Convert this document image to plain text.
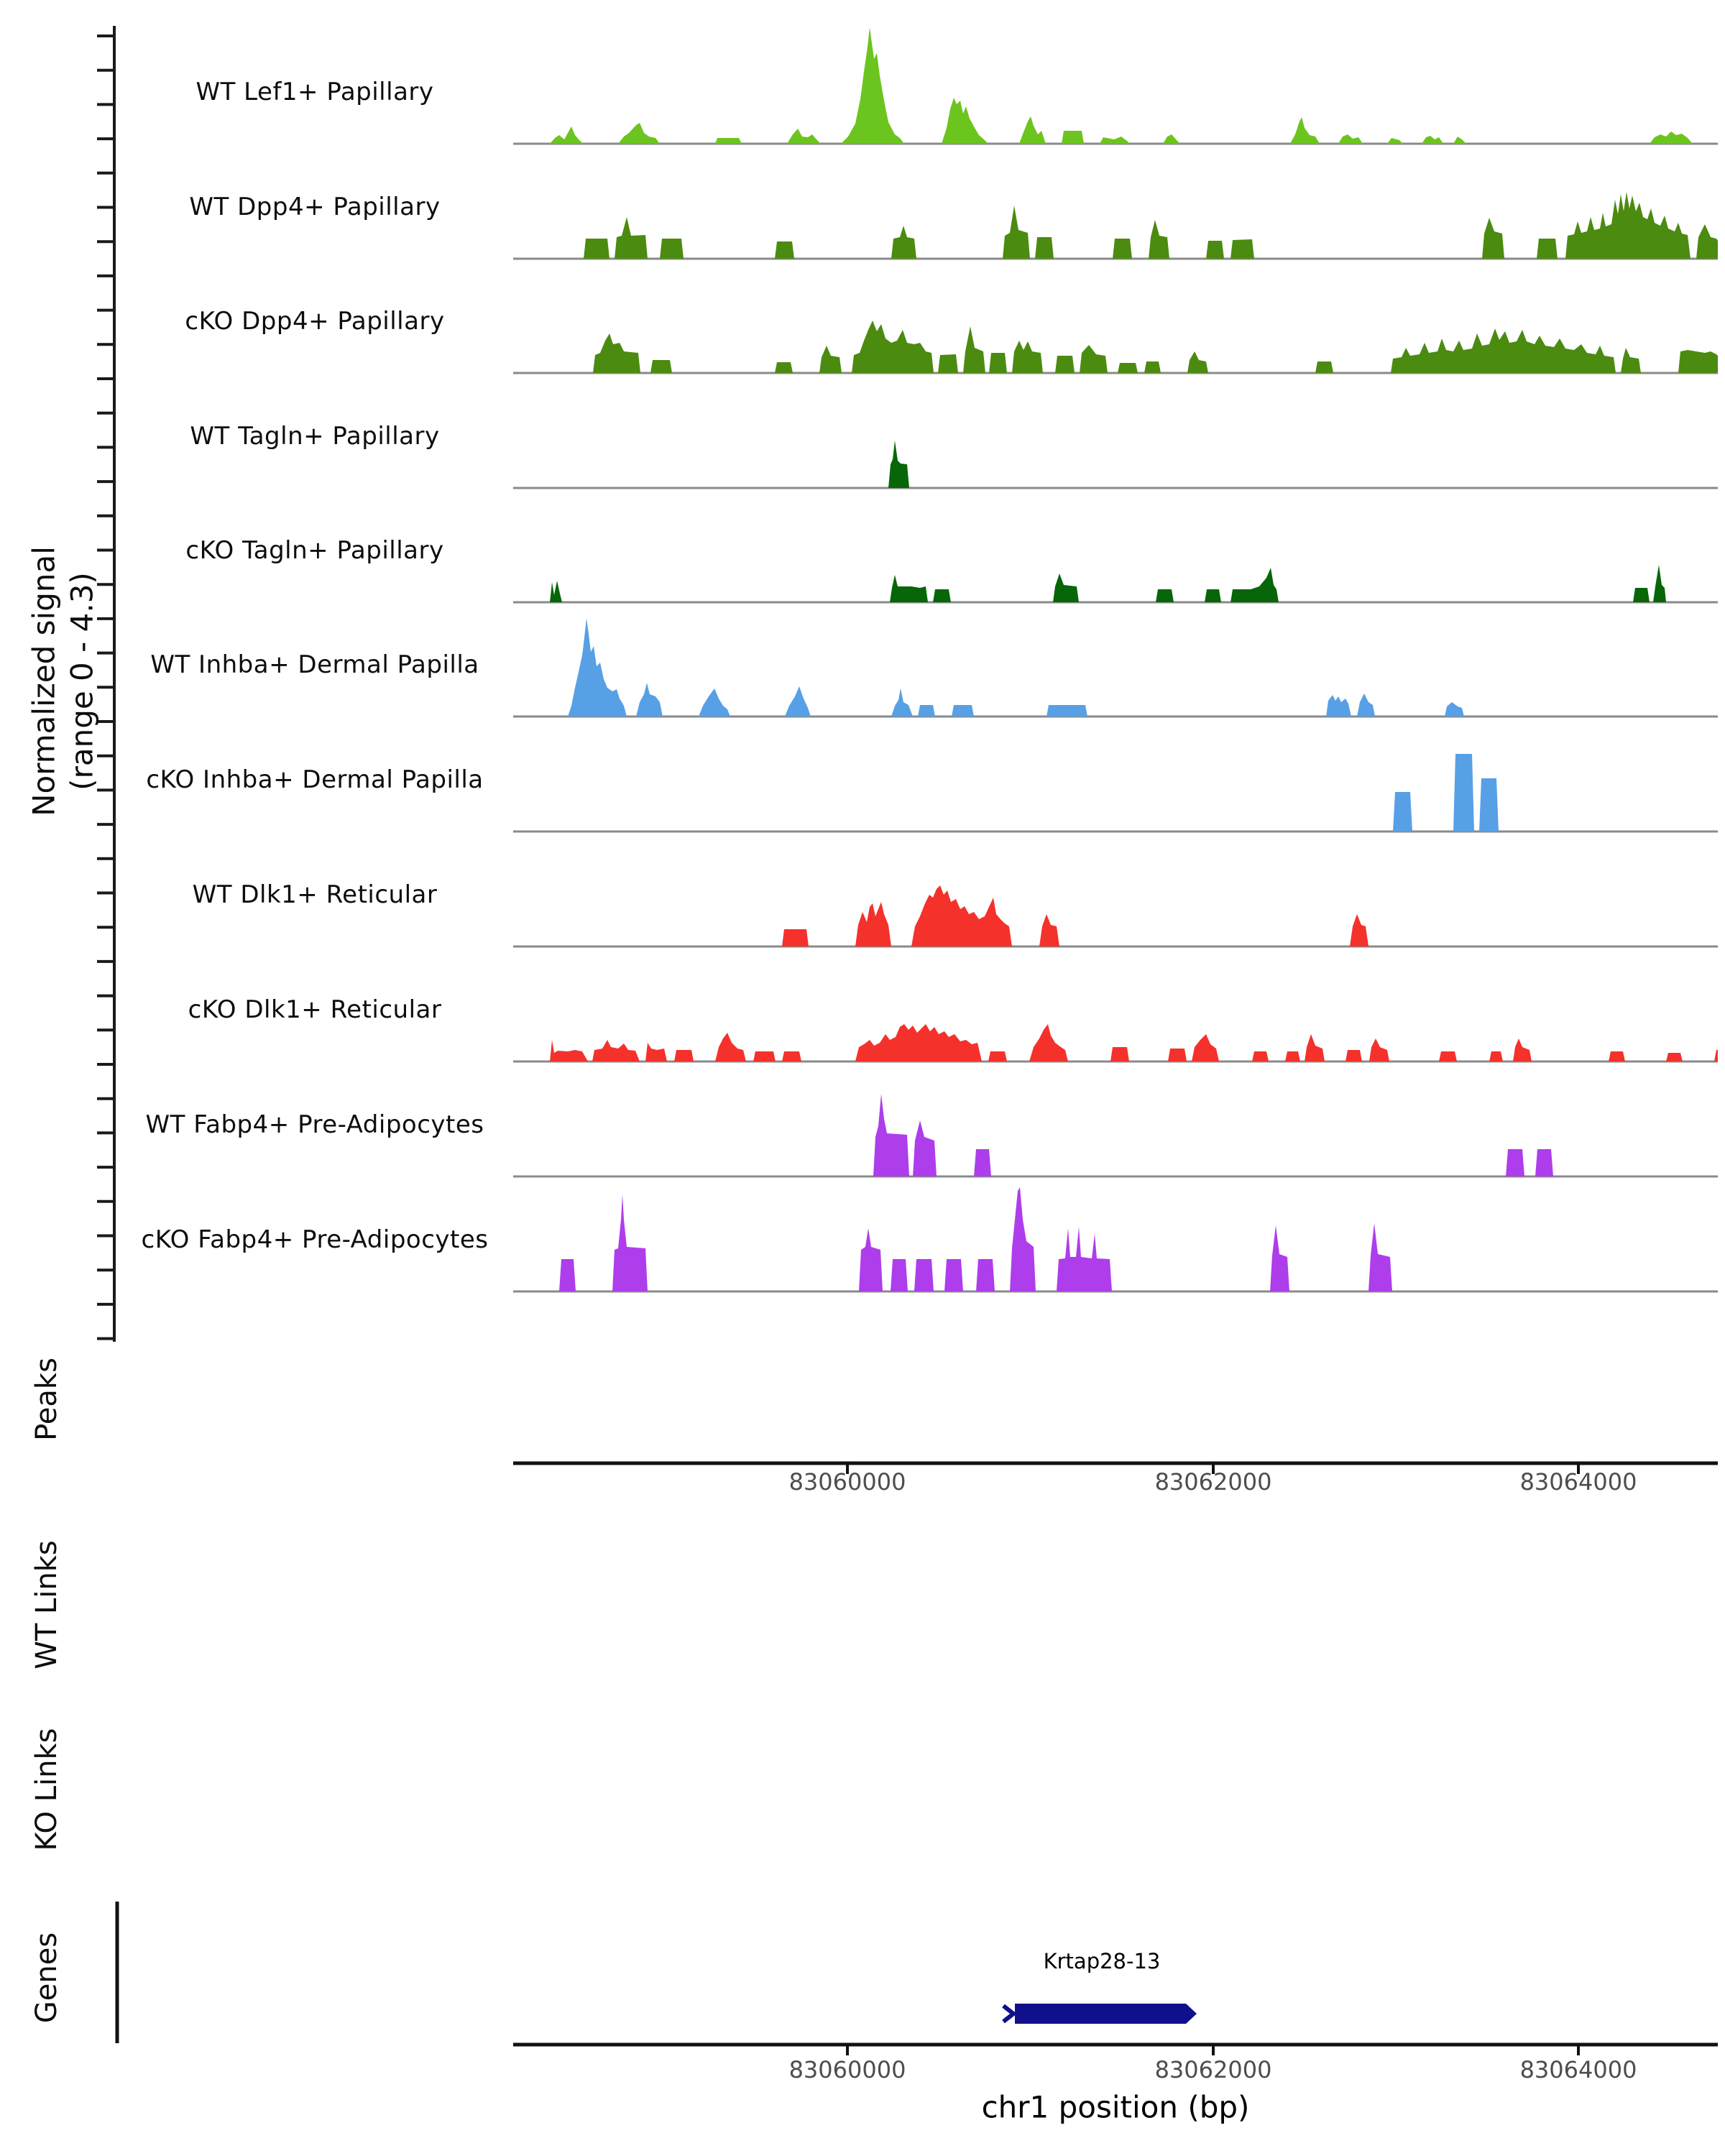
Normalized signal (range 0 - 4.3)
Peaks
WT Links
KO Links
Genes	Krtap28-13
chr1 position (bp)
WT Lef1+ Papillary
WT Dpp4+ Papillary
cKO Dpp4+ Papillary
WT Tagln+ Papillary
cKO Tagln+ Papillary
WT Inhba+ Dermal Papilla
cKO Inhba+ Dermal Papilla
WT Dlk1+ Reticular
cKO Dlk1+ Reticular
WT Fabp4+ Pre-Adipocytes
cKO Fabp4+ Pre-Adipocytes
83060000	83062000	83064000
83060000	83062000	83064000
